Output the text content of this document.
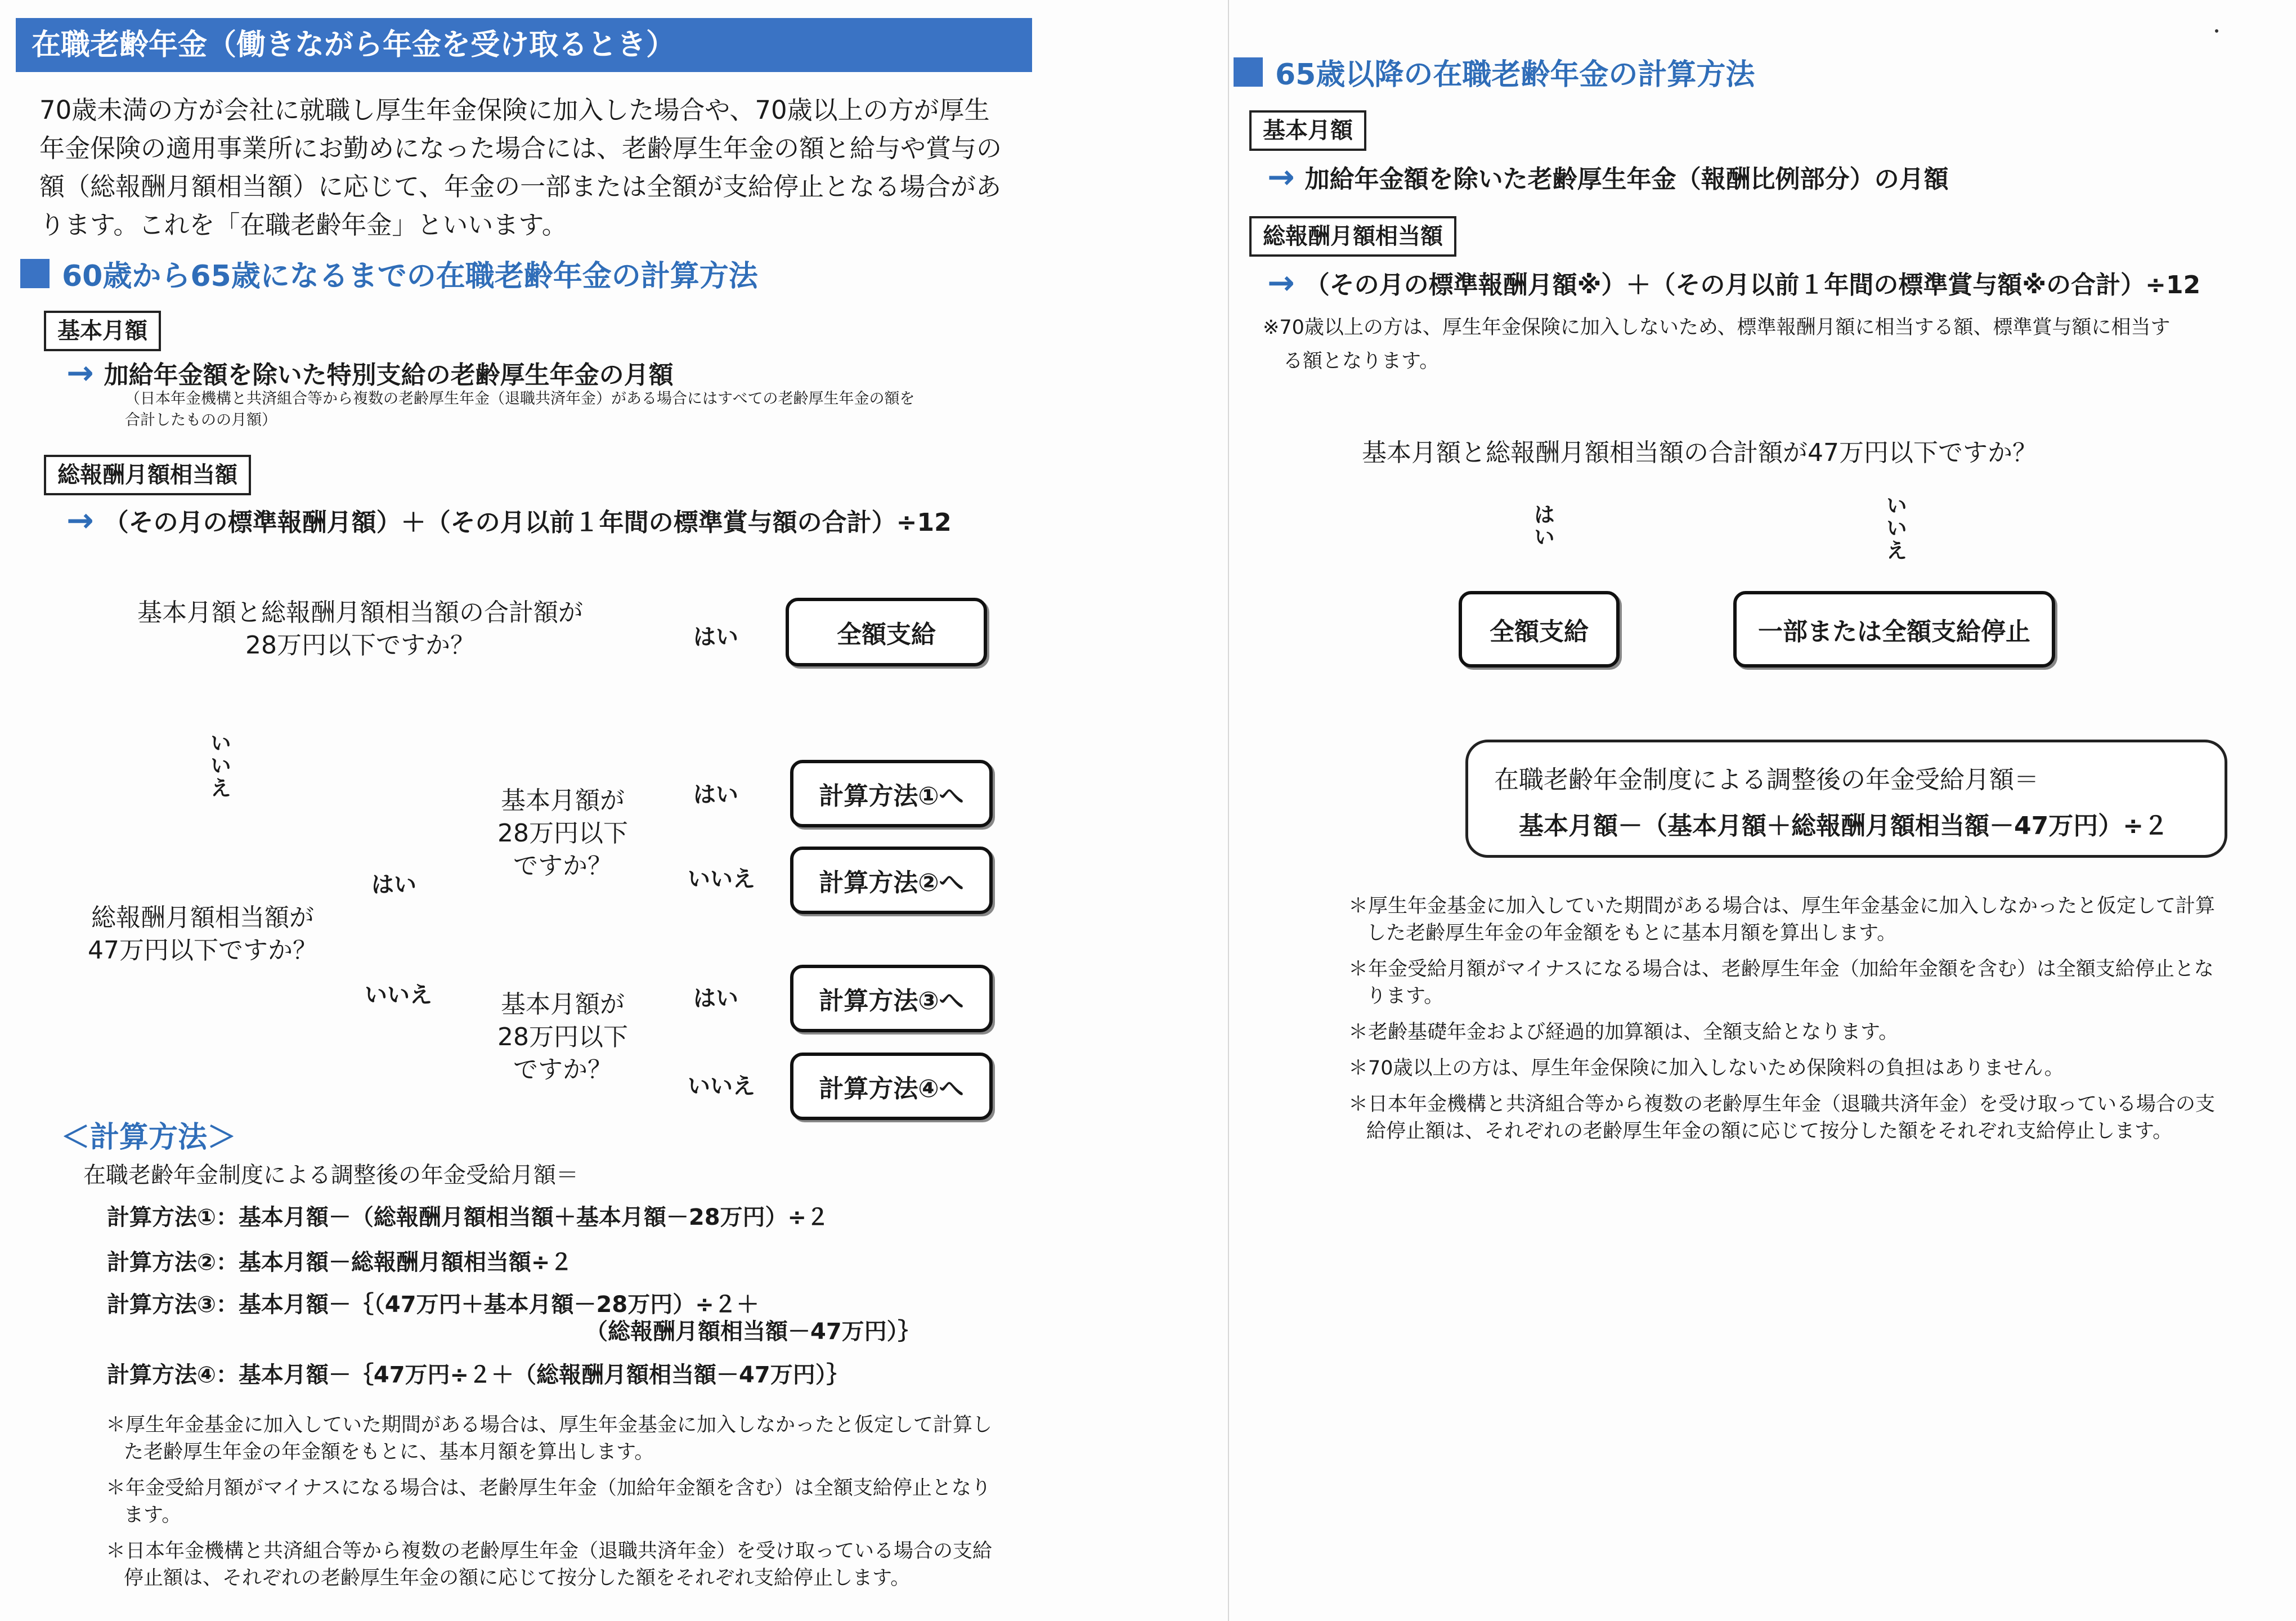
在職老齢年金（働きながら年金を受け取るとき）

70歳未満の方が会社に就職し厚生年金保険に加入した場合や、70歳以上の方が厚生

年金保険の適用事業所にお勤めになった場合には、老齢厚生年金の額と給与や賞与の

額（総報酬月額相当額）に応じて、年金の一部または全額が支給停止となる場合があ

ります。これを「在職老齢年金」といいます。

60歳から65歳になるまでの在職老齢年金の計算方法
基本月額
→ 加給年金額を除いた特別支給の老齢厚生年金の月額
（日本年金機構と共済組合等から複数の老齢厚生年金（退職共済年金）がある場合にはすべての老齢厚生年金の額を
合計したものの月額）
総報酬月額相当額
→ （その月の標準報酬月額）＋（その月以前１年間の標準賞与額の合計）÷12
基本月額と総報酬月額相当額の合計額が
28万円以下ですか？	はい	全額支給
いいえ
総報酬月額相当額が
47万円以下ですか？
はい
いいえ
基本月額が
28万円以下
ですか？
はい
いいえ
基本月額が
28万円以下
ですか？
はい
いいえ
計算方法①へ
計算方法②へ
計算方法③へ
計算方法④へ
＜計算方法＞
在職老齢年金制度による調整後の年金受給月額＝
計算方法①：基本月額－（総報酬月額相当額＋基本月額－28万円）÷２
計算方法②：基本月額－総報酬月額相当額÷２
計算方法③：基本月額－｛（47万円＋基本月額－28万円）÷２＋
（総報酬月額相当額－47万円）｝
計算方法④：基本月額－｛47万円÷２＋（総報酬月額相当額－47万円）｝
＊厚生年金基金に加入していた期間がある場合は、厚生年金基金に加入しなかったと仮定して計算した老齢厚生年金の年金額をもとに、基本月額を算出します。
＊年金受給月額がマイナスになる場合は、老齢厚生年金（加給年金額を含む）は全額支給停止となります。
＊日本年金機構と共済組合等から複数の老齢厚生年金（退職共済年金）を受け取っている場合の支給停止額は、それぞれの老齢厚生年金の額に応じて按分した額をそれぞれ支給停止します。
65歳以降の在職老齢年金の計算方法
基本月額
→ 加給年金額を除いた老齢厚生年金（報酬比例部分）の月額
総報酬月額相当額
→ （その月の標準報酬月額※）＋（その月以前１年間の標準賞与額※の合計）÷12
※70歳以上の方は、厚生年金保険に加入しないため、標準報酬月額に相当する額、標準賞与額に相当す
る額となります。
基本月額と総報酬月額相当額の合計額が47万円以下ですか？
はい	いいえ
全額支給	一部または全額支給停止
在職老齢年金制度による調整後の年金受給月額＝
基本月額－（基本月額＋総報酬月額相当額－47万円）÷２
＊厚生年金基金に加入していた期間がある場合は、厚生年金基金に加入しなかったと仮定して計算した老齢厚生年金の年金額をもとに基本月額を算出します。
＊年金受給月額がマイナスになる場合は、老齢厚生年金（加給年金額を含む）は全額支給停止となります。
＊老齢基礎年金および経過的加算額は、全額支給となります。
＊70歳以上の方は、厚生年金保険に加入しないため保険料の負担はありません。
＊日本年金機構と共済組合等から複数の老齢厚生年金（退職共済年金）を受け取っている場合の支給停止額は、それぞれの老齢厚生年金の額に応じて按分した額をそれぞれ支給停止します。
